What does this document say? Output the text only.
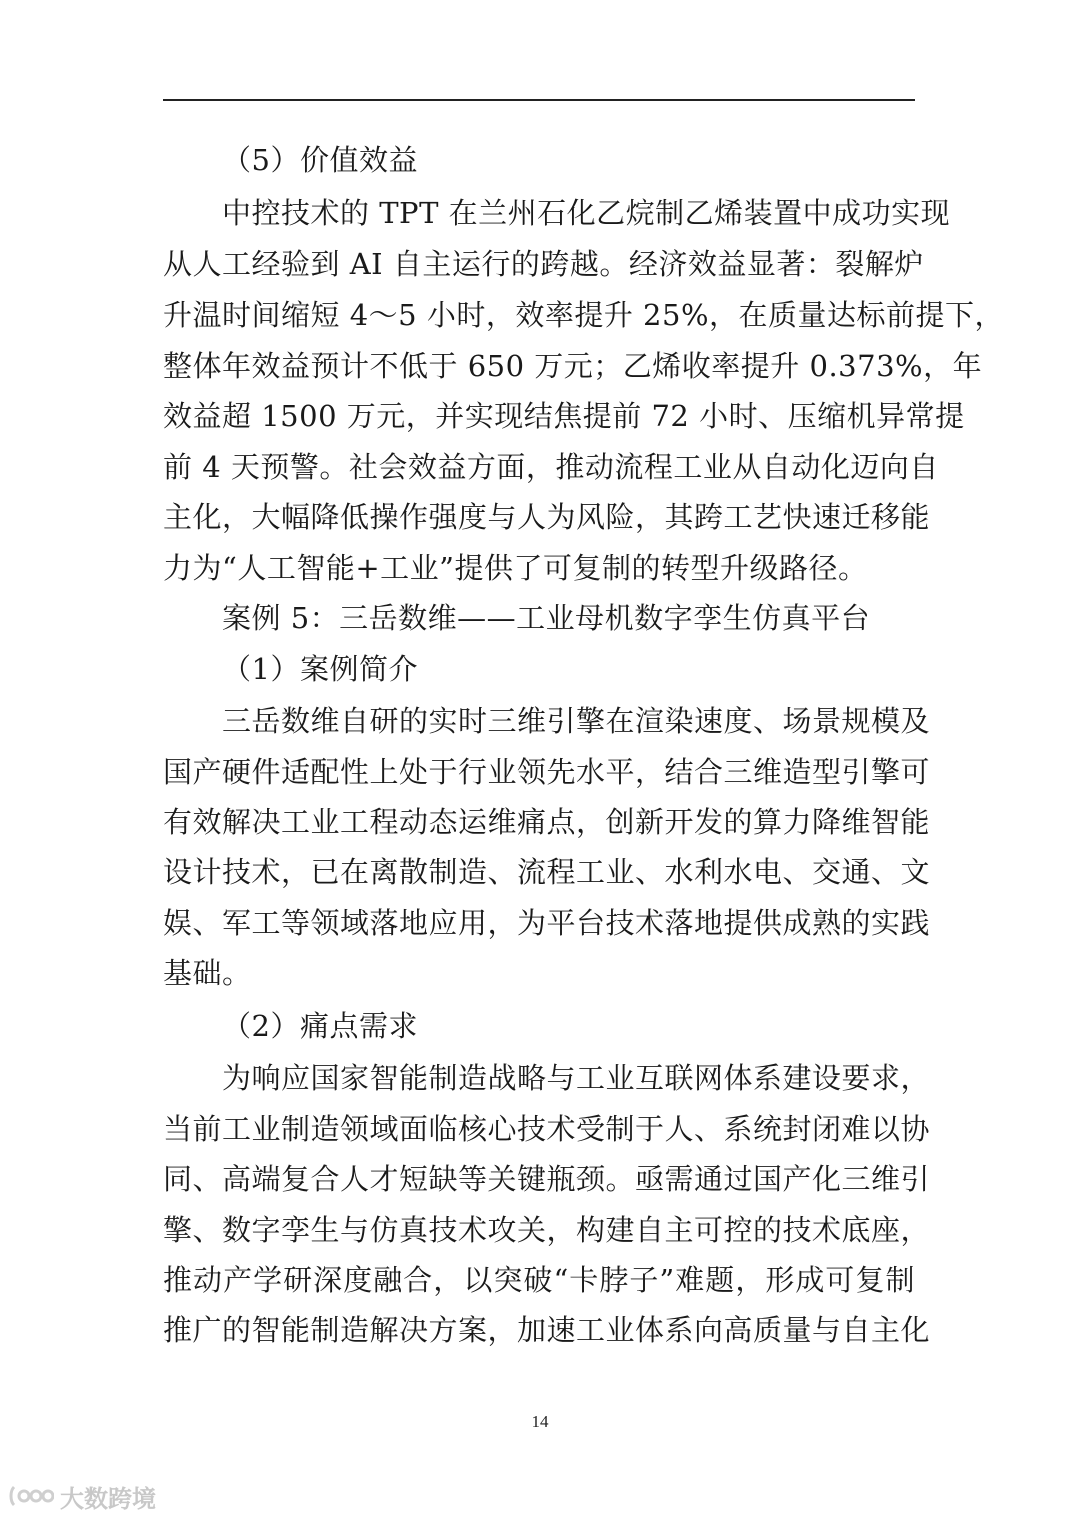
（5）价值效益
中控技术的 TPT 在兰州石化乙烷制乙烯装置中成功实现
从人工经验到 AI 自主运行的跨越。经济效益显著：裂解炉
升温时间缩短 4～5 小时，效率提升 25%，在质量达标前提下，
整体年效益预计不低于 650 万元；乙烯收率提升 0.373%，年
效益超 1500 万元，并实现结焦提前 72 小时、压缩机异常提
前 4 天预警。社会效益方面，推动流程工业从自动化迈向自
主化，大幅降低操作强度与人为风险，其跨工艺快速迁移能
力为“人工智能+工业”提供了可复制的转型升级路径。
案例 5：三岳数维——工业母机数字孪生仿真平台
（1）案例简介
三岳数维自研的实时三维引擎在渲染速度、场景规模及
国产硬件适配性上处于行业领先水平，结合三维造型引擎可
有效解决工业工程动态运维痛点，创新开发的算力降维智能
设计技术，已在离散制造、流程工业、水利水电、交通、文
娱、军工等领域落地应用，为平台技术落地提供成熟的实践
基础。
（2）痛点需求
为响应国家智能制造战略与工业互联网体系建设要求，
当前工业制造领域面临核心技术受制于人、系统封闭难以协
同、高端复合人才短缺等关键瓶颈。亟需通过国产化三维引
擎、数字孪生与仿真技术攻关，构建自主可控的技术底座，
推动产学研深度融合，以突破“卡脖子”难题，形成可复制
推广的智能制造解决方案，加速工业体系向高质量与自主化
14
大数跨境
